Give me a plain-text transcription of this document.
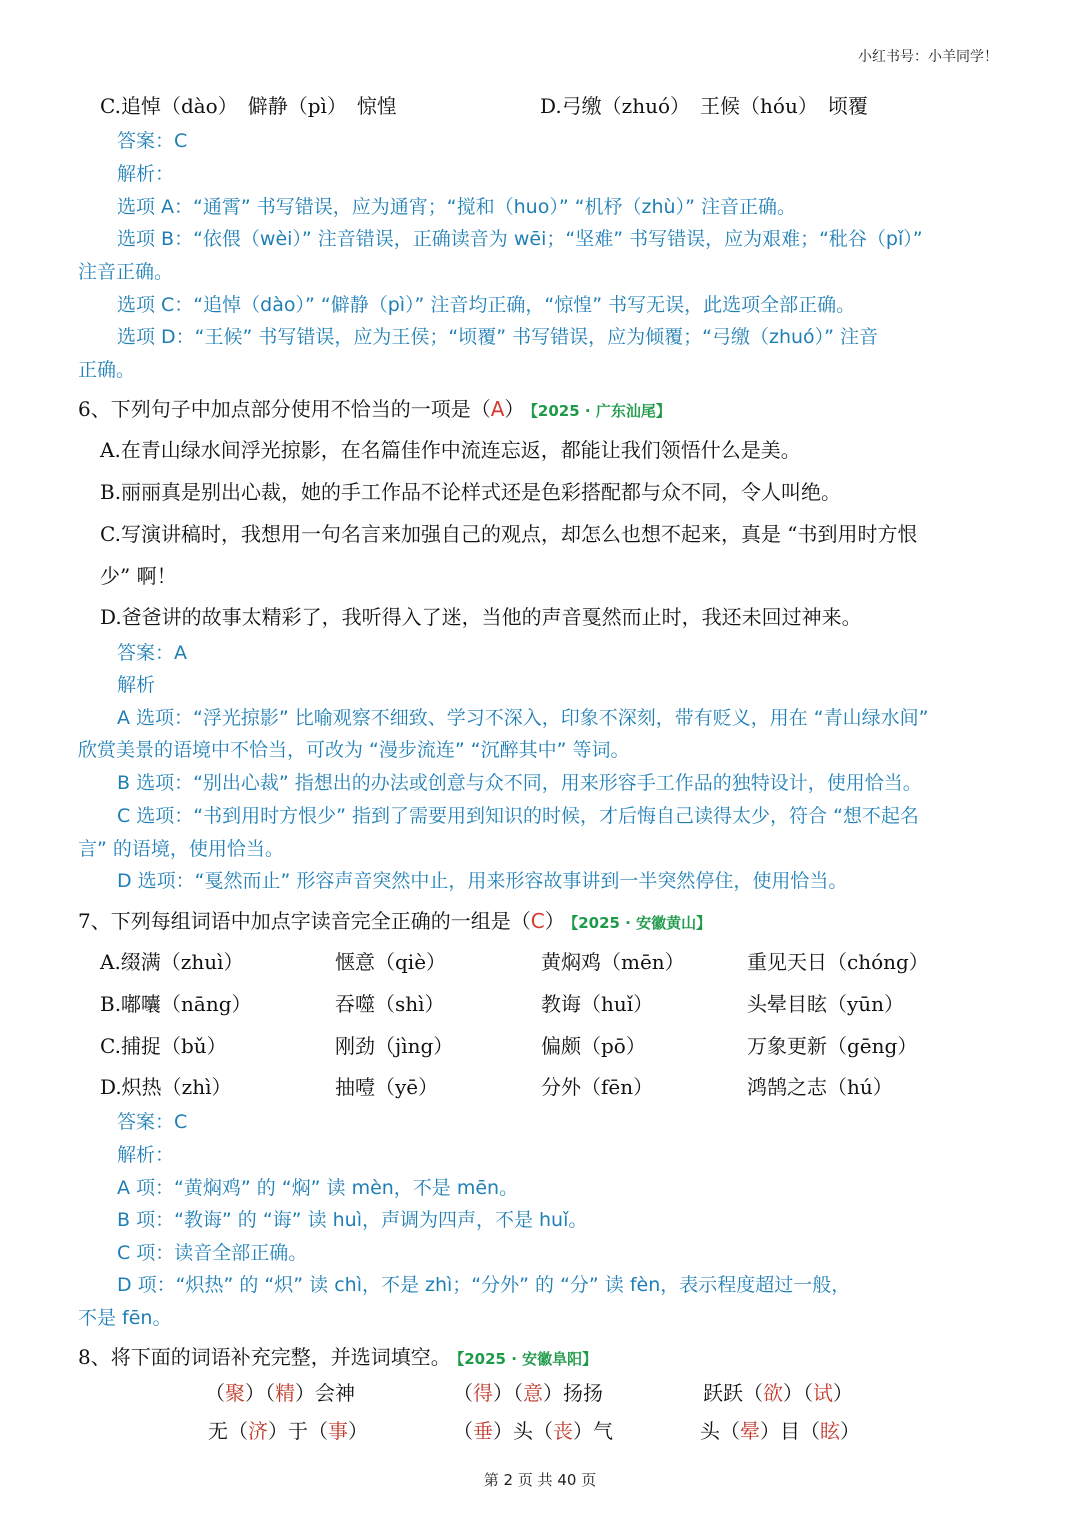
小红书号：小羊同学！
C.追悼（dào）　僻静（pì）　惊惶	D.弓缴（zhuó）　王候（hóu）　顷覆
答案：C
解析：
选项 A：“通霄” 书写错误，应为通宵；“搅和（huo）” “机杼（zhù）” 注音正确。
选项 B：“依偎（wèi）” 注音错误，正确读音为 wēi；“坚难” 书写错误，应为艰难；“秕谷（pǐ）”
注音正确。
选项 C：“追悼（dào）” “僻静（pì）” 注音均正确，“惊惶” 书写无误，此选项全部正确。
选项 D：“王候” 书写错误，应为王侯；“顷覆” 书写错误，应为倾覆；“弓缴（zhuó）” 注音
正确。
6、下列句子中加点部分使用不恰当的一项是（A） 【2025 · 广东汕尾】
A.在青山绿水间浮光掠影，在名篇佳作中流连忘返，都能让我们领悟什么是美。
B.丽丽真是别出心裁，她的手工作品不论样式还是色彩搭配都与众不同，令人叫绝。
C.写演讲稿时，我想用一句名言来加强自己的观点，却怎么也想不起来，真是 “书到用时方恨
少” 啊！
D.爸爸讲的故事太精彩了，我听得入了迷，当他的声音戛然而止时，我还未回过神来。
答案：A
解析
A 选项：“浮光掠影” 比喻观察不细致、学习不深入，印象不深刻，带有贬义，用在 “青山绿水间”
欣赏美景的语境中不恰当，可改为 “漫步流连” “沉醉其中” 等词。
B 选项：“别出心裁” 指想出的办法或创意与众不同，用来形容手工作品的独特设计，使用恰当。
C 选项：“书到用时方恨少” 指到了需要用到知识的时候，才后悔自己读得太少，符合 “想不起名
言” 的语境，使用恰当。
D 选项：“戛然而止” 形容声音突然中止，用来形容故事讲到一半突然停住，使用恰当。
7、下列每组词语中加点字读音完全正确的一组是（C） 【2025 · 安徽黄山】
A.缀满（zhuì）	惬意（qiè）	黄焖鸡（mēn）	重见天日（chóng）
B.嘟囔（nāng）	吞噬（shì）	教诲（huǐ）	头晕目眩（yūn）
C.捕捉（bǔ）	刚劲（jìng）	偏颇（pō）	万象更新（gēng）
D.炽热（zhì）	抽噎（yē）	分外（fēn）	鸿鹄之志（hú）
答案：C
解析：
A 项：“黄焖鸡” 的 “焖” 读 mèn，不是 mēn。
B 项：“教诲” 的 “诲” 读 huì，声调为四声，不是 huǐ。
C 项：读音全部正确。
D 项：“炽热” 的 “炽” 读 chì，不是 zhì；“分外” 的 “分” 读 fèn，表示程度超过一般，
不是 fēn。
8、将下面的词语补充完整，并选词填空。 【2025 · 安徽阜阳】
（聚）（精）会神	（得）（意）扬扬	跃跃（欲）（试）
无（济）于（事）	（垂）头（丧）气	头（晕）目（眩）
第 2 页 共 40 页
